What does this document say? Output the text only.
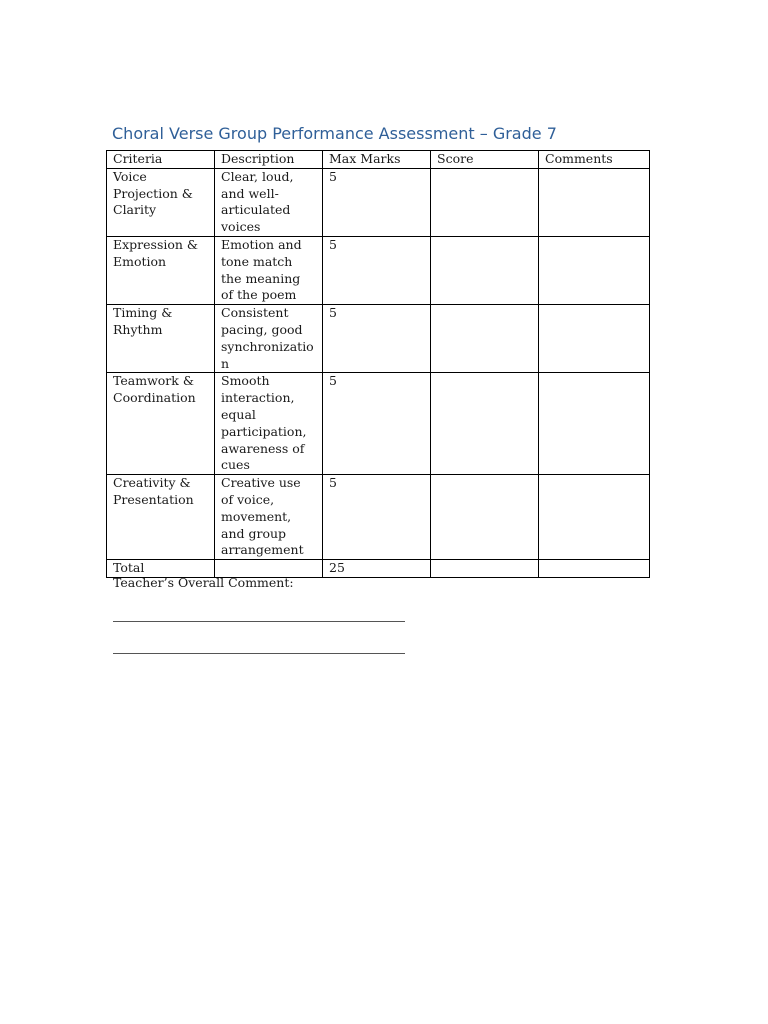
Choral Verse Group Performance Assessment – Grade 7
Criteria	Description	Max Marks	Score	Comments
Voice Projection & Clarity	Clear, loud, and well-articulated voices	5		
Expression & Emotion	Emotion and tone match the meaning of the poem	5		
Timing & Rhythm	Consistent pacing, good synchronization	5		
Teamwork & Coordination	Smooth interaction, equal participation, awareness of cues	5		
Creativity & Presentation	Creative use of voice, movement, and group arrangement	5		
Total		25		
Teacher’s Overall Comment:
